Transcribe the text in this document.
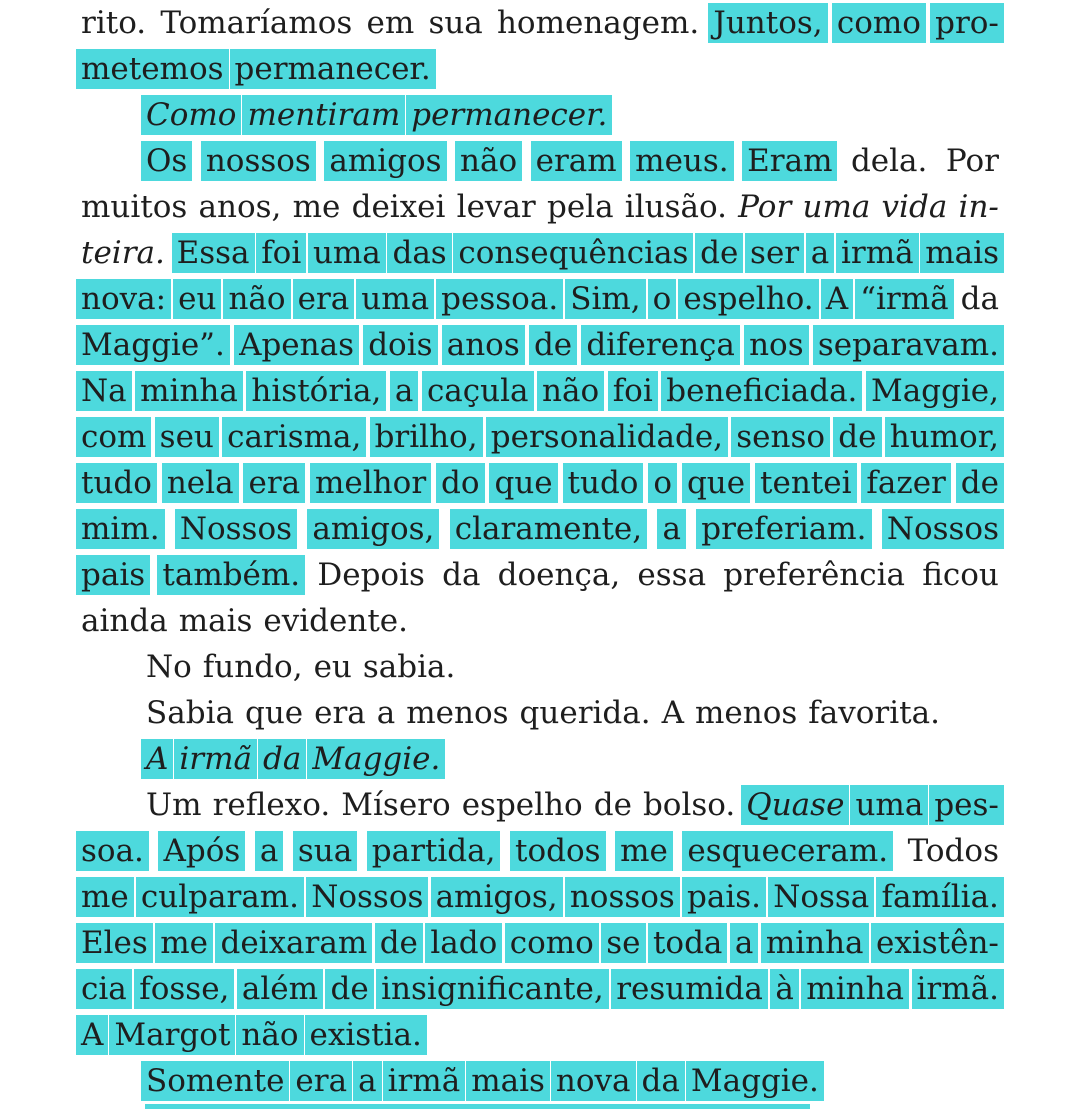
rito. Tomaríamos em sua homenagem. Juntos, como pro-
metemos permanecer.
Como mentiram permanecer.
Os nossos amigos não eram meus. Eram dela. Por
muitos anos, me deixei levar pela ilusão. Por uma vida in-
teira. Essa foi uma das consequências de ser a irmã mais
nova: eu não era uma pessoa. Sim, o espelho. A “irmã da
Maggie”. Apenas dois anos de diferença nos separavam.
Na minha história, a caçula não foi beneficiada. Maggie,
com seu carisma, brilho, personalidade, senso de humor,
tudo nela era melhor do que tudo o que tentei fazer de
mim. Nossos amigos, claramente, a preferiam. Nossos
pais também. Depois da doença, essa preferência ficou
ainda mais evidente.
No fundo, eu sabia.
Sabia que era a menos querida. A menos favorita.
A irmã da Maggie.
Um reflexo. Mísero espelho de bolso. Quase uma pes-
soa. Após a sua partida, todos me esqueceram. Todos
me culparam. Nossos amigos, nossos pais. Nossa família.
Eles me deixaram de lado como se toda a minha existên-
cia fosse, além de insignificante, resumida à minha irmã.
A Margot não existia.
Somente era a irmã mais nova da Maggie.
